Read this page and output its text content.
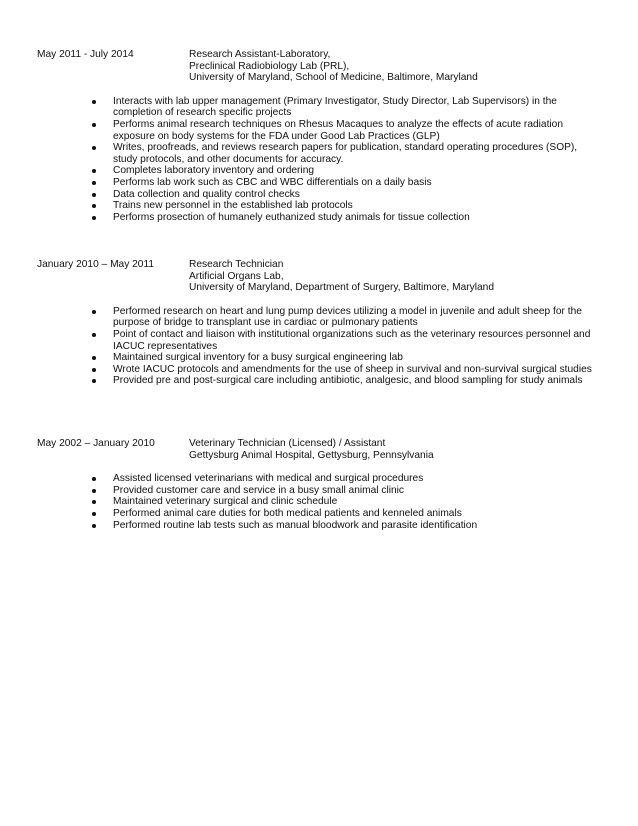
May 2011 - July 2014	Research Assistant-Laboratory,
Preclinical Radiobiology Lab (PRL),
University of Maryland, School of Medicine, Baltimore, Maryland
Interacts with lab upper management (Primary Investigator, Study Director, Lab Supervisors) in the completion of research specific projects
Performs animal research techniques on Rhesus Macaques to analyze the effects of acute radiation exposure on body systems for the FDA under Good Lab Practices (GLP)
Writes, proofreads, and reviews research papers for publication, standard operating procedures (SOP), study protocols, and other documents for accuracy.
Completes laboratory inventory and ordering
Performs lab work such as CBC and WBC differentials on a daily basis
Data collection and quality control checks
Trains new personnel in the established lab protocols
Performs prosection of humanely euthanized study animals for tissue collection
January 2010 – May 2011	Research Technician
Artificial Organs Lab,
University of Maryland, Department of Surgery, Baltimore, Maryland
Performed research on heart and lung pump devices utilizing a model in juvenile and adult sheep for the purpose of bridge to transplant use in cardiac or pulmonary patients
Point of contact and liaison with institutional organizations such as the veterinary resources personnel and IACUC representatives
Maintained surgical inventory for a busy surgical engineering lab
Wrote IACUC protocols and amendments for the use of sheep in survival and non-survival surgical studies
Provided pre and post-surgical care including antibiotic, analgesic, and blood sampling for study animals
May 2002 – January 2010	Veterinary Technician (Licensed) / Assistant
Gettysburg Animal Hospital, Gettysburg, Pennsylvania
Assisted licensed veterinarians with medical and surgical procedures
Provided customer care and service in a busy small animal clinic
Maintained veterinary surgical and clinic schedule
Performed animal care duties for both medical patients and kenneled animals
Performed routine lab tests such as manual bloodwork and parasite identification
